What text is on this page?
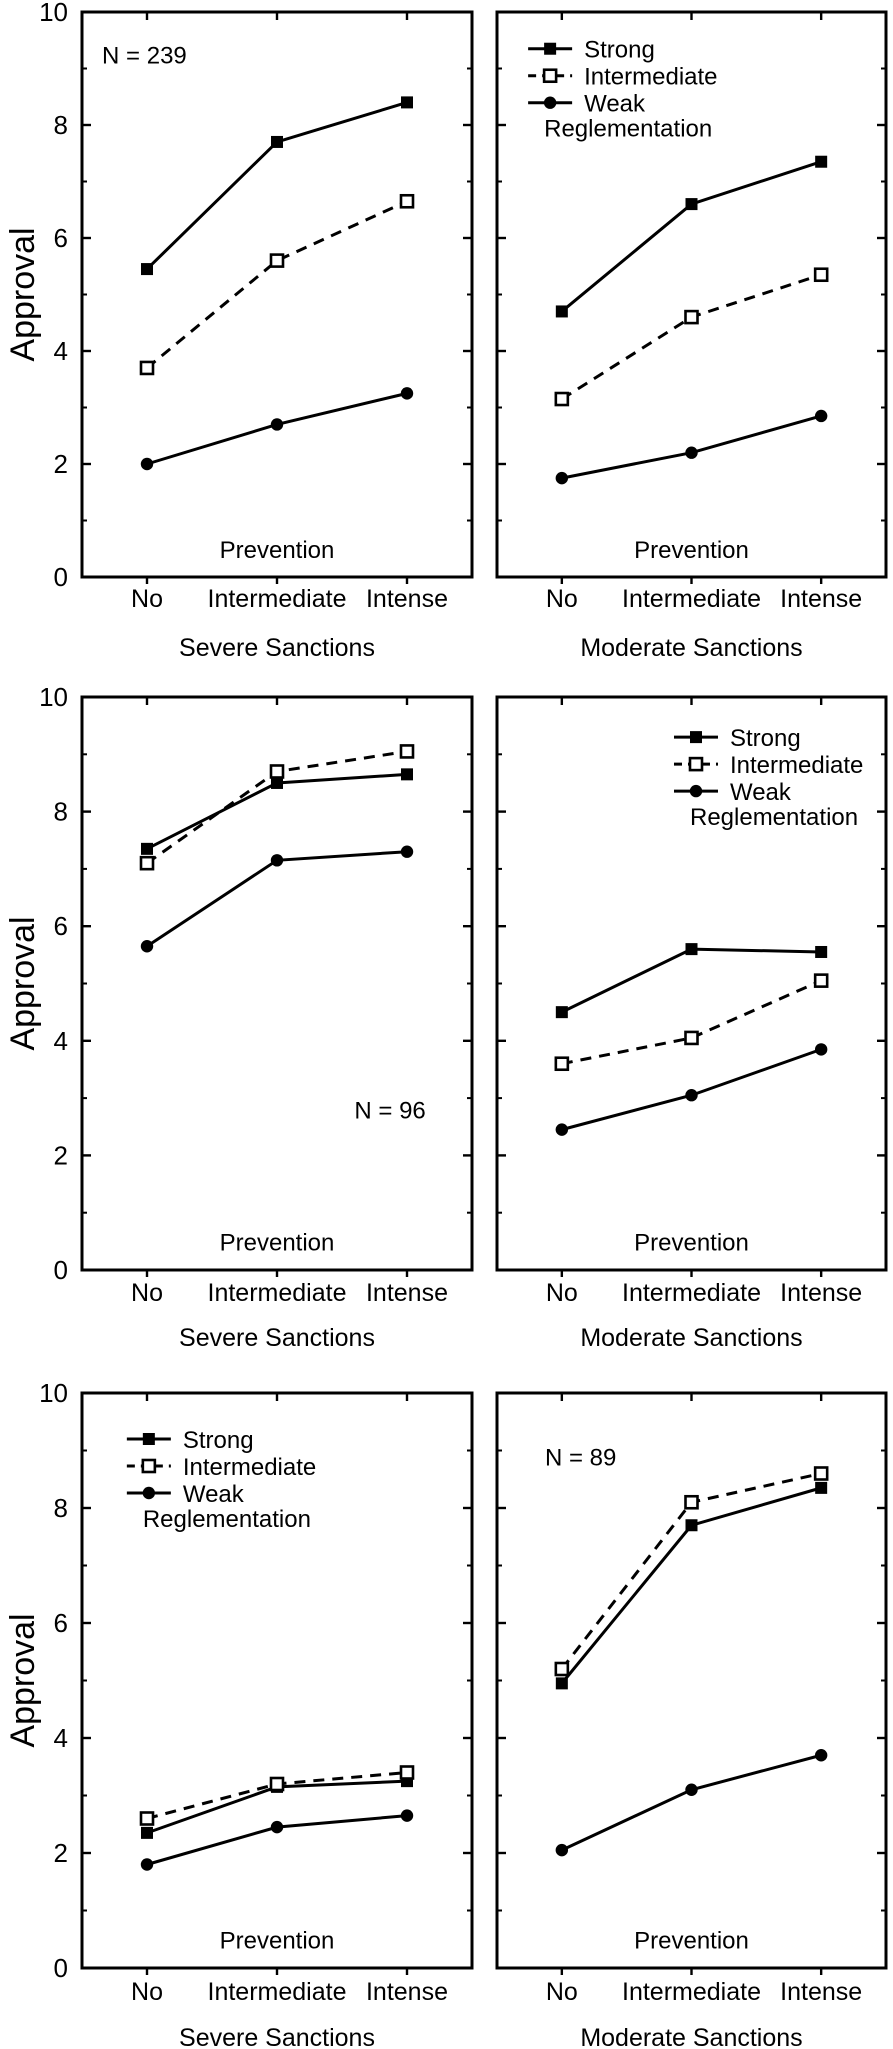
0
2
4
6
8
10
No Intermediate Intense
Prevention
Severe Sanctions
N = 239
Approval
No Intermediate Intense
Prevention
Moderate Sanctions
Strong
Intermediate
Weak
Reglementation
0
2
4
6
8
10
No Intermediate Intense
Prevention
Severe Sanctions
N = 96
Approval
No Intermediate Intense
Prevention
Moderate Sanctions
Strong
Intermediate
Weak
Reglementation
0
2
4
6
8
10
No Intermediate Intense
Prevention
Severe Sanctions
Strong
Intermediate
Weak
Reglementation
Approval
No Intermediate Intense
Prevention
Moderate Sanctions
N = 89
